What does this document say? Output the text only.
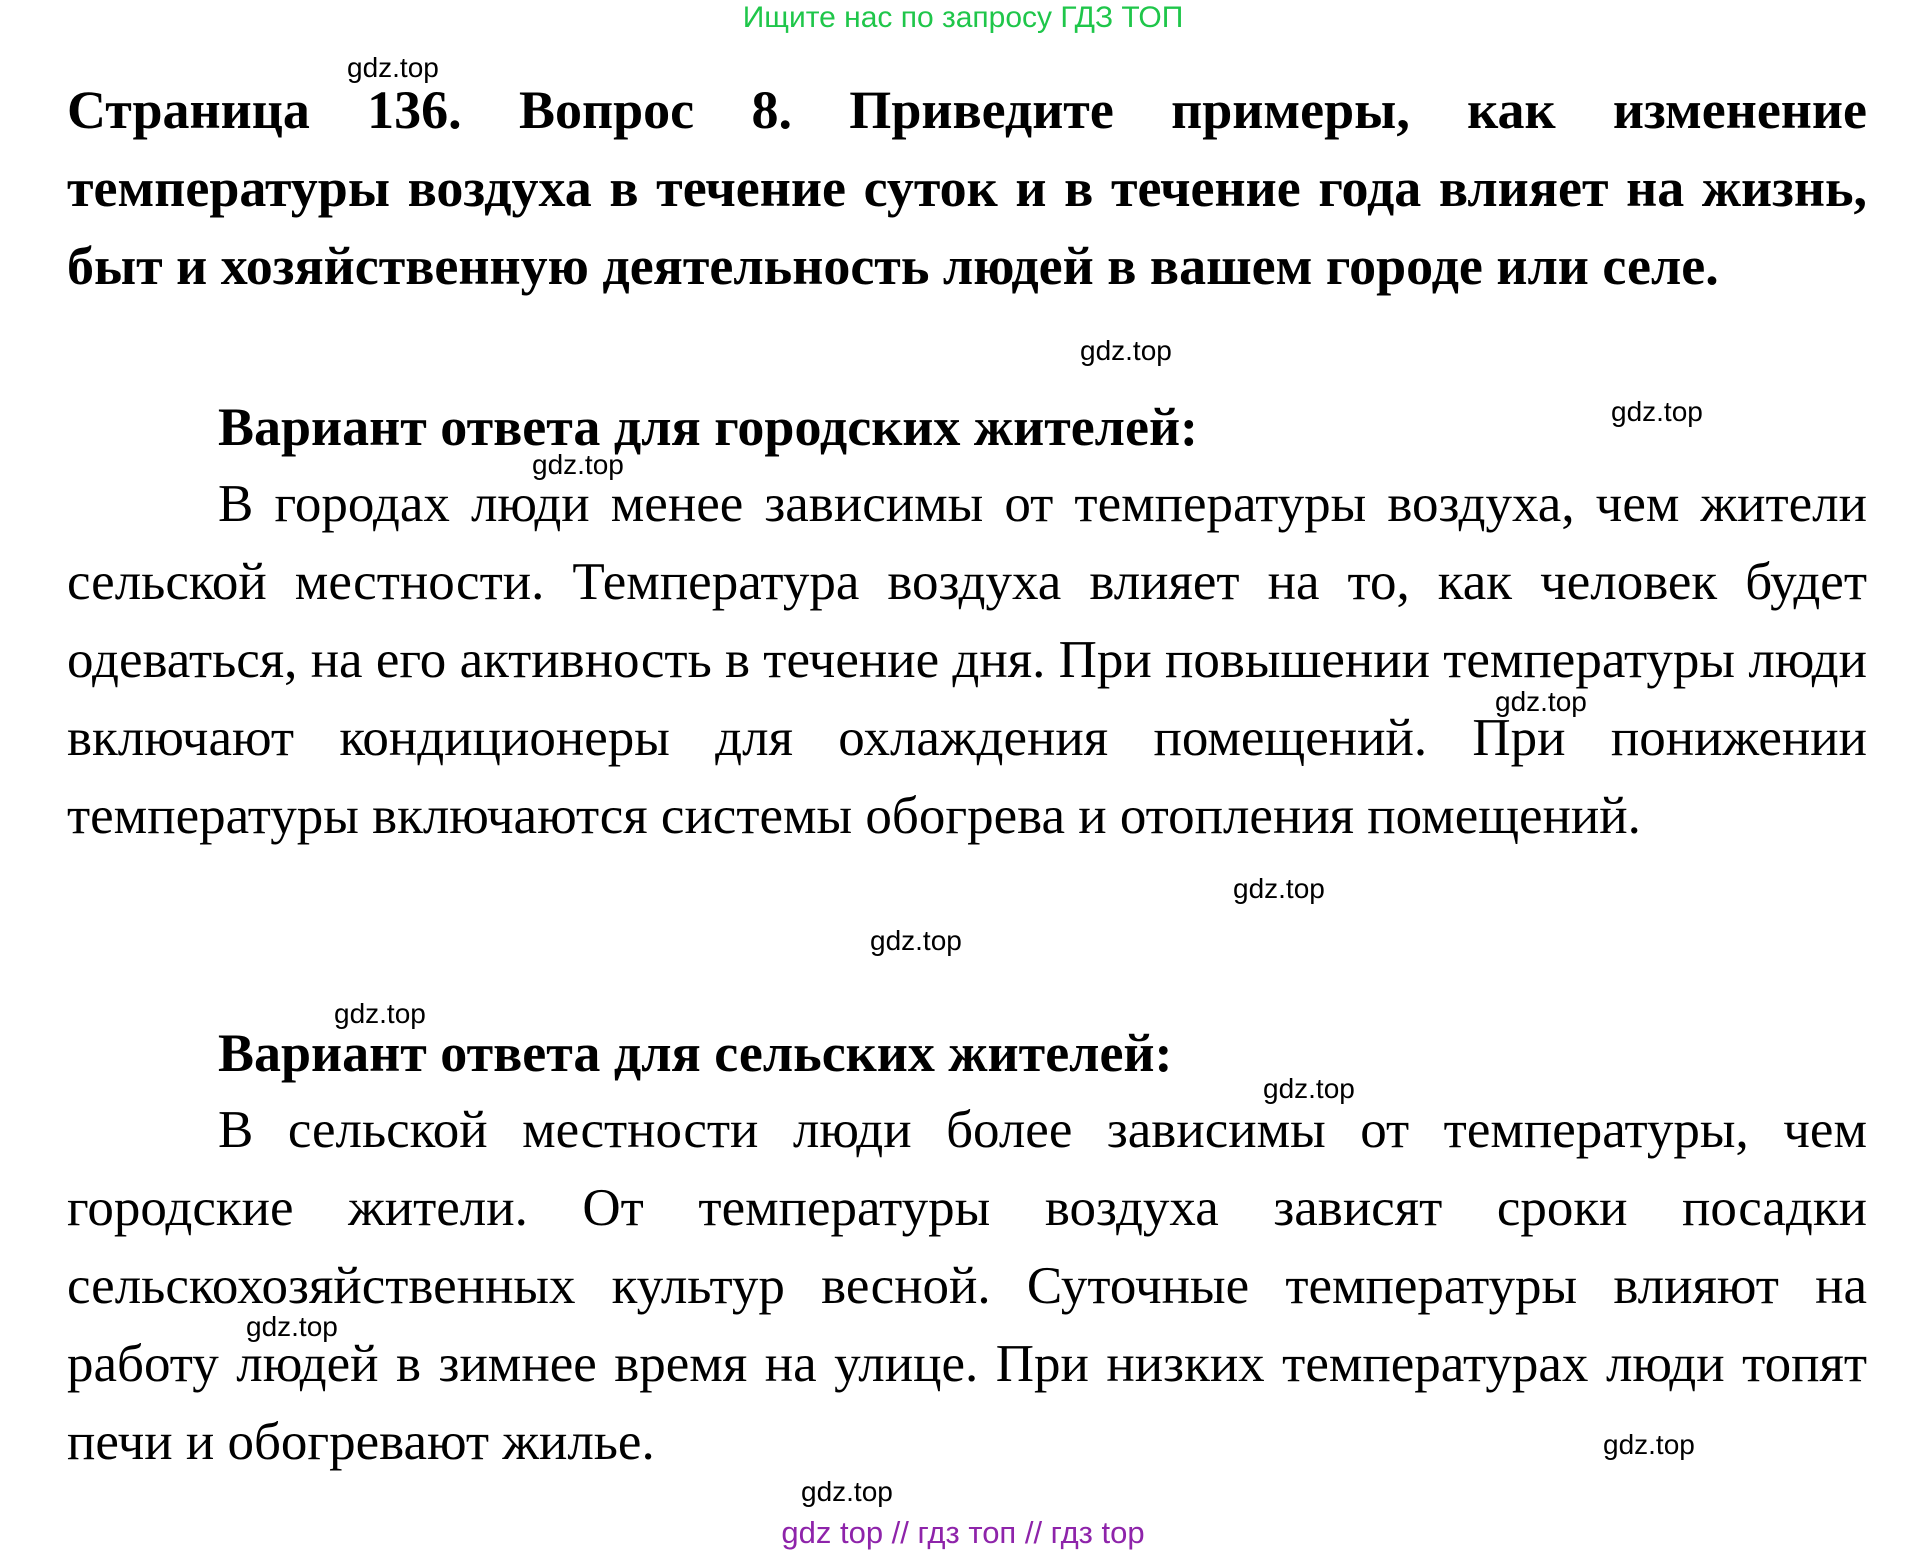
Ищите нас по запросу ГДЗ ТОП
Страница 136. Вопрос 8. Приведите примеры, как изменение температуры воздуха в течение суток и в течение года влияет на жизнь, быт и хозяйственную деятельность людей в вашем городе или селе.
Вариант ответа для городских жителей:
В городах люди менее зависимы от температуры воздуха, чем жители сельской местности. Температура воздуха влияет на то, как человек будет одеваться, на его активность в течение дня. При повышении температуры люди включают кондиционеры для охлаждения помещений. При понижении температуры включаются системы обогрева и отопления помещений.
Вариант ответа для сельских жителей:
В сельской местности люди более зависимы от температуры, чем городские жители. От температуры воздуха зависят сроки посадки сельскохозяйственных культур весной. Суточные температуры влияют на работу людей в зимнее время на улице. При низких температурах люди топят печи и обогревают жилье.
gdz.top
gdz.top
gdz.top
gdz.top
gdz.top
gdz.top
gdz.top
gdz.top
gdz.top
gdz.top
gdz.top
gdz.top
gdz top // гдз топ // гдз top
